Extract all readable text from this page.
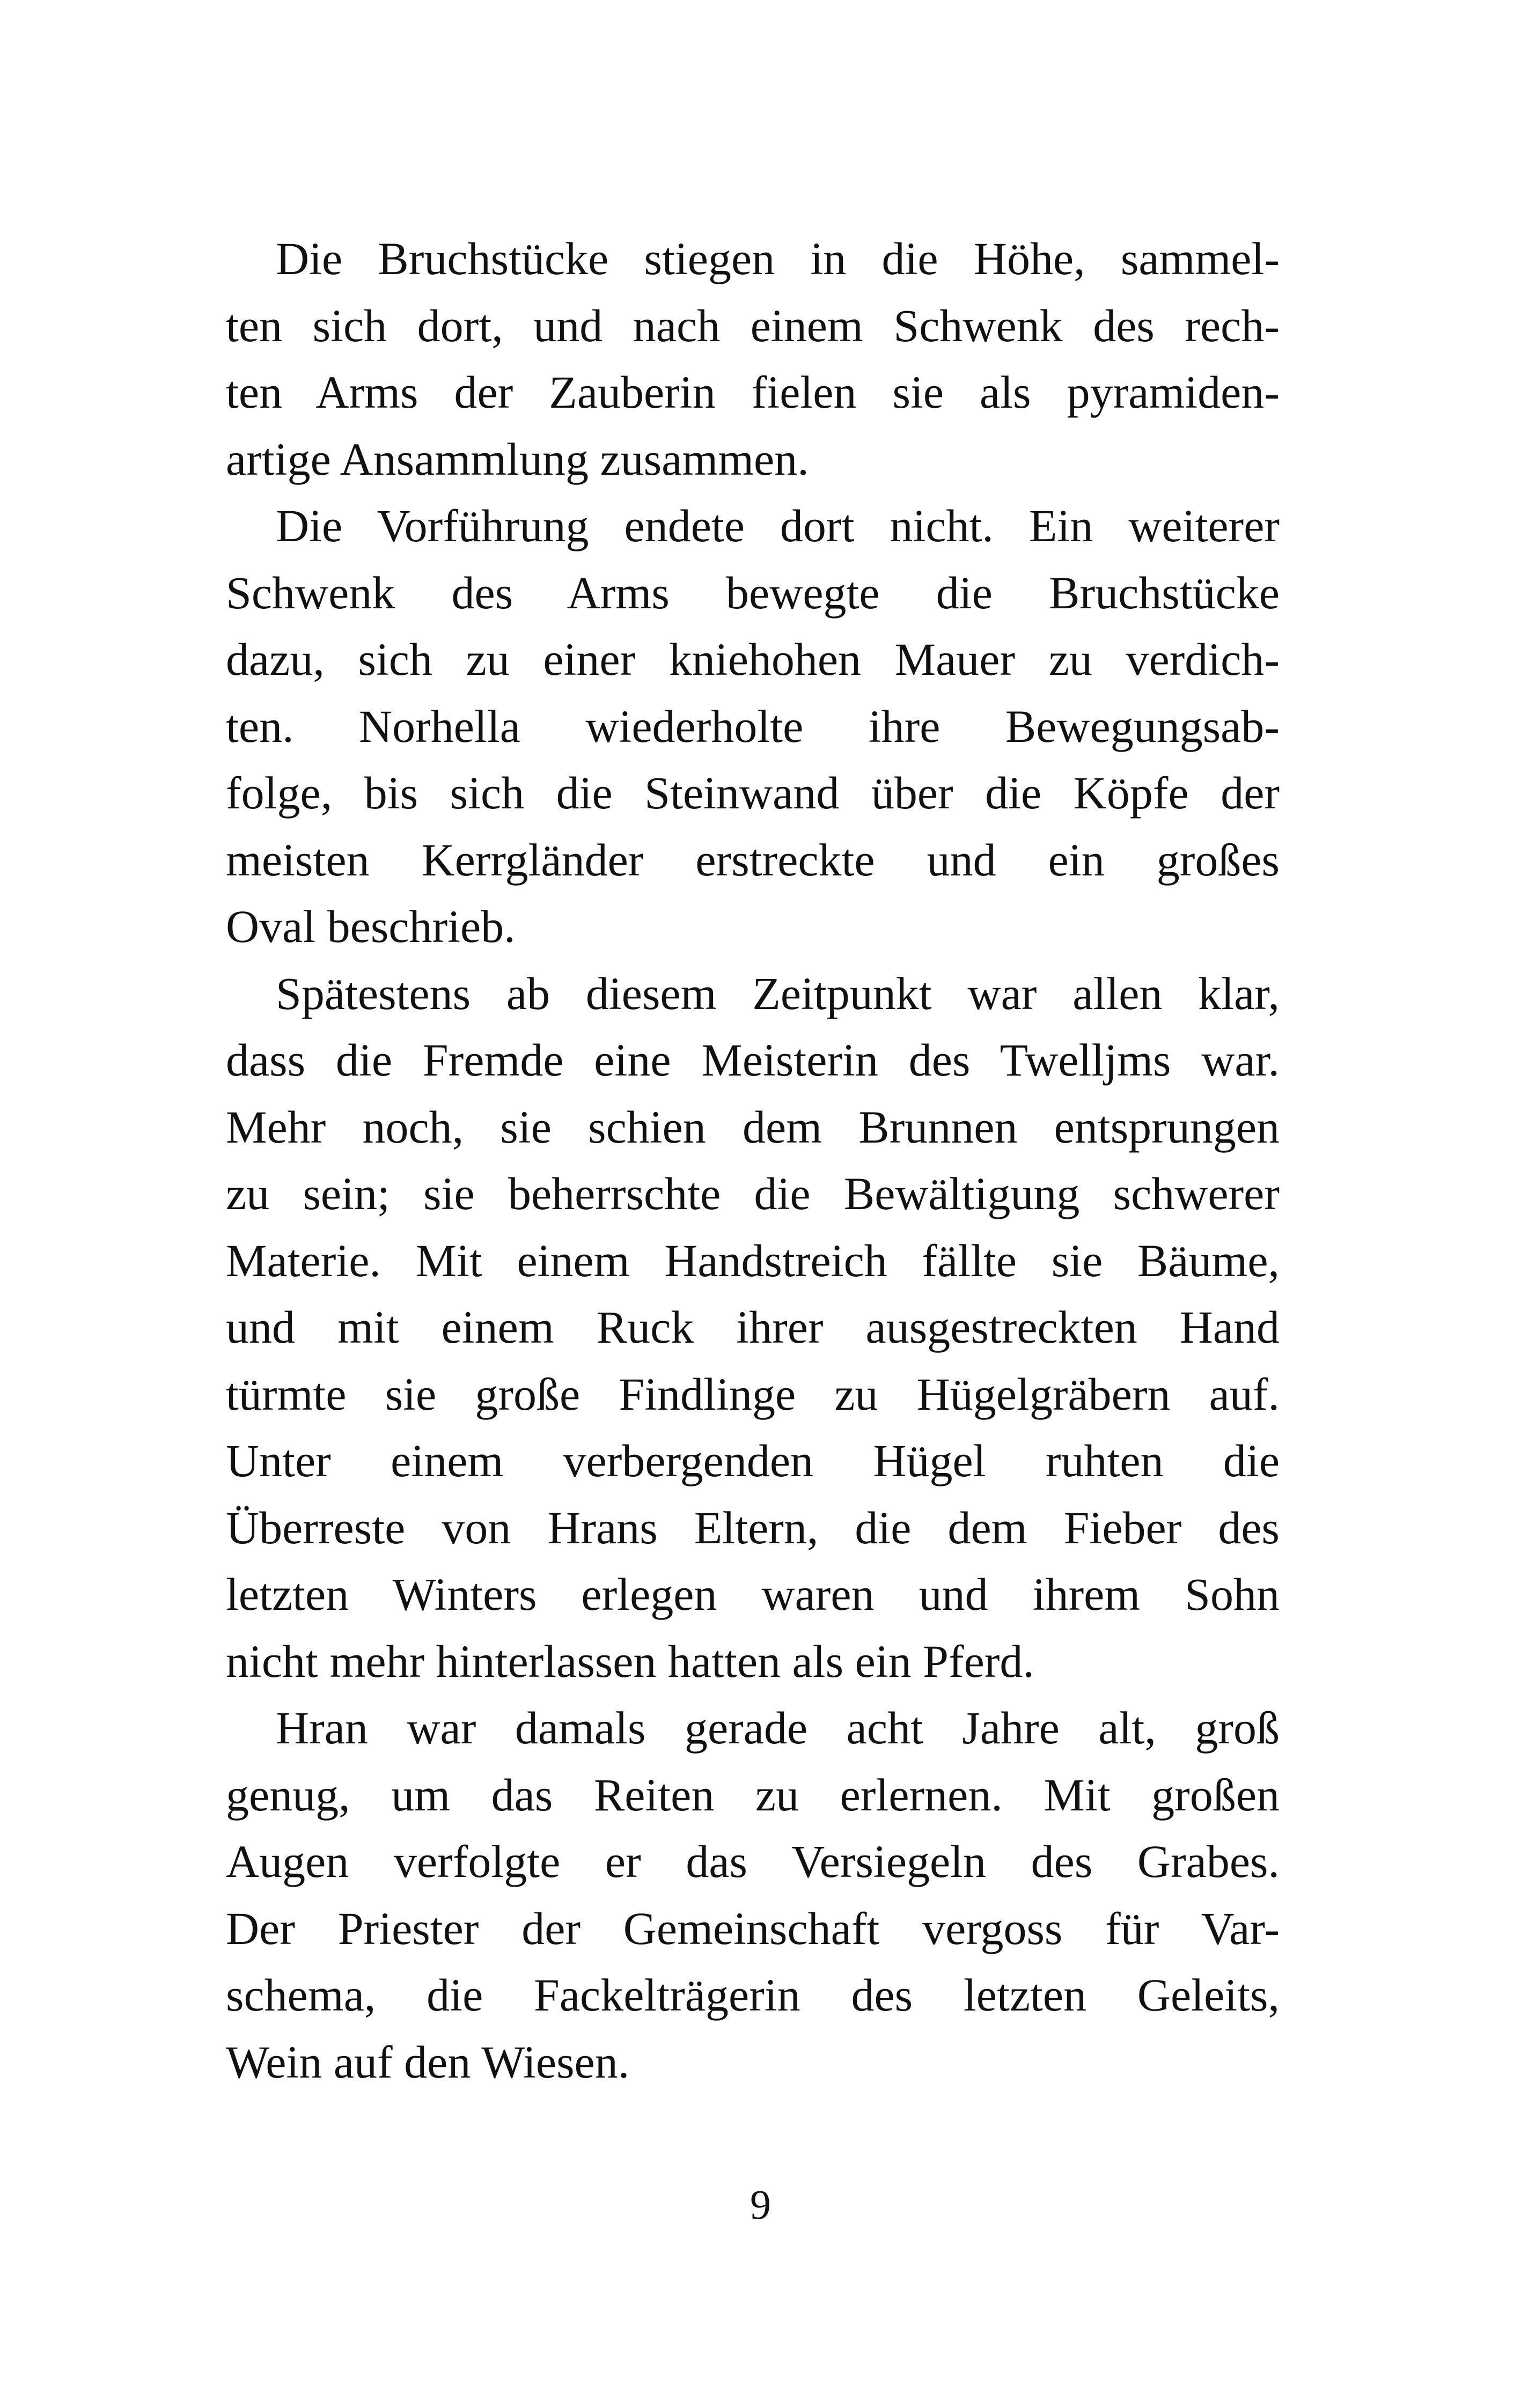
Die Bruchstücke stiegen in die Höhe, sammel-
ten sich dort, und nach einem Schwenk des rech-
ten Arms der Zauberin fielen sie als pyramiden-
artige Ansammlung zusammen.
Die Vorführung endete dort nicht. Ein weiterer
Schwenk des Arms bewegte die Bruchstücke
dazu, sich zu einer kniehohen Mauer zu verdich-
ten. Norhella wiederholte ihre Bewegungsab-
folge, bis sich die Steinwand über die Köpfe der
meisten Kerrgländer erstreckte und ein großes
Oval beschrieb.
Spätestens ab diesem Zeitpunkt war allen klar,
dass die Fremde eine Meisterin des Twelljms war.
Mehr noch, sie schien dem Brunnen entsprungen
zu sein; sie beherrschte die Bewältigung schwerer
Materie. Mit einem Handstreich fällte sie Bäume,
und mit einem Ruck ihrer ausgestreckten Hand
türmte sie große Findlinge zu Hügelgräbern auf.
Unter einem verbergenden Hügel ruhten die
Überreste von Hrans Eltern, die dem Fieber des
letzten Winters erlegen waren und ihrem Sohn
nicht mehr hinterlassen hatten als ein Pferd.
Hran war damals gerade acht Jahre alt, groß
genug, um das Reiten zu erlernen. Mit großen
Augen verfolgte er das Versiegeln des Grabes.
Der Priester der Gemeinschaft vergoss für Var-
schema, die Fackelträgerin des letzten Geleits,
Wein auf den Wiesen.
9
